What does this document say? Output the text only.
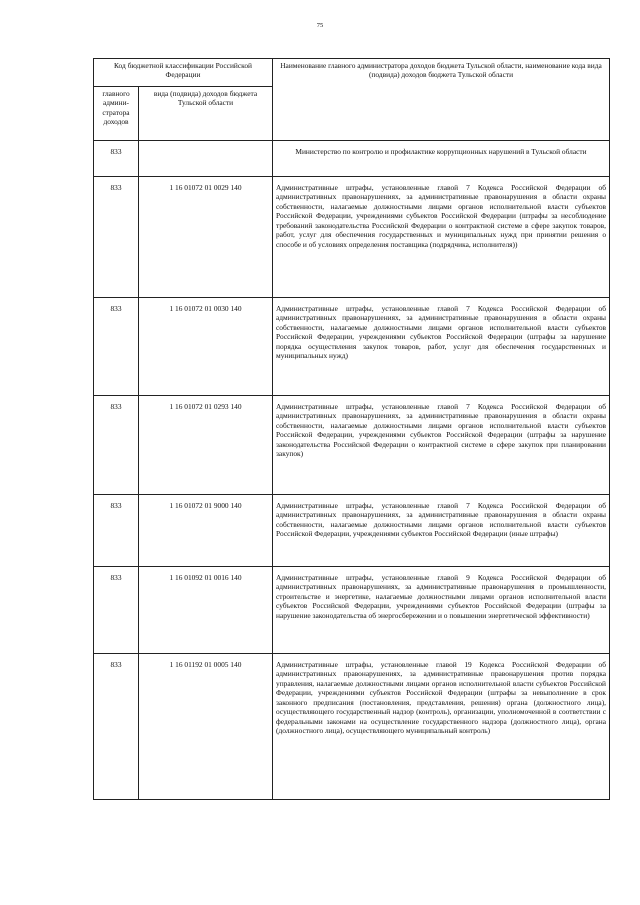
75
Код бюджетной классификации Российской Федерации		Наименование главного администратора доходов бюджета Тульской области, наименование кода вида (подвида) доходов бюджета Тульской области
главного админи-стратора доходов	вида (подвида) доходов бюджета Тульской области	
833		Министерство по контролю и профилактике коррупционных нарушений в Тульской области
833	1 16 01072 01 0029 140	Административные штрафы, установленные главой 7 Кодекса Российской Федерации об административных правонарушениях, за административные правонарушения в области охраны собственности, налагаемые должностными лицами органов исполнительной власти субъектов Российской Федерации, учреждениями субъектов Российской Федерации (штрафы за несоблюдение требований законодательства Российской Федерации о контрактной системе в сфере закупок товаров, работ, услуг для обеспечения государственных и муниципальных нужд при принятии решения о способе и об условиях определения поставщика (подрядчика, исполнителя))
833	1 16 01072 01 0030 140	Административные штрафы, установленные главой 7 Кодекса Российской Федерации об административных правонарушениях, за административные правонарушения в области охраны собственности, налагаемые должностными лицами органов исполнительной власти субъектов Российской Федерации, учреждениями субъектов Российской Федерации (штрафы за нарушение порядка осуществления закупок товаров, работ, услуг для обеспечения государственных и муниципальных нужд)
833	1 16 01072 01 0293 140	Административные штрафы, установленные главой 7 Кодекса Российской Федерации об административных правонарушениях, за административные правонарушения в области охраны собственности, налагаемые должностными лицами органов исполнительной власти субъектов Российской Федерации, учреждениями субъектов Российской Федерации (штрафы за нарушение законодательства Российской Федерации о контрактной системе в сфере закупок при планировании закупок)
833	1 16 01072 01 9000 140	Административные штрафы, установленные главой 7 Кодекса Российской Федерации об административных правонарушениях, за административные правонарушения в области охраны собственности, налагаемые должностными лицами органов исполнительной власти субъектов Российской Федерации, учреждениями субъектов Российской Федерации (иные штрафы)
833	1 16 01092 01 0016 140	Административные штрафы, установленные главой 9 Кодекса Российской Федерации об административных правонарушениях, за административные правонарушения в промышленности, строительстве и энергетике, налагаемые должностными лицами органов исполнительной власти субъектов Российской Федерации, учреждениями субъектов Российской Федерации (штрафы за нарушение законодательства об энергосбережении и о повышении энергетической эффективности)
833	1 16 01192 01 0005 140	Административные штрафы, установленные главой 19 Кодекса Российской Федерации об административных правонарушениях, за административные правонарушения против порядка управления, налагаемые должностными лицами органов исполнительной власти субъектов Российской Федерации, учреждениями субъектов Российской Федерации (штрафы за невыполнение в срок законного предписания (постановления, представления, решения) органа (должностного лица), осуществляющего государственный надзор (контроль), организации, уполномоченной в соответствии с федеральными законами на осуществление государственного надзора (должностного лица), органа (должностного лица), осуществляющего муниципальный контроль)
